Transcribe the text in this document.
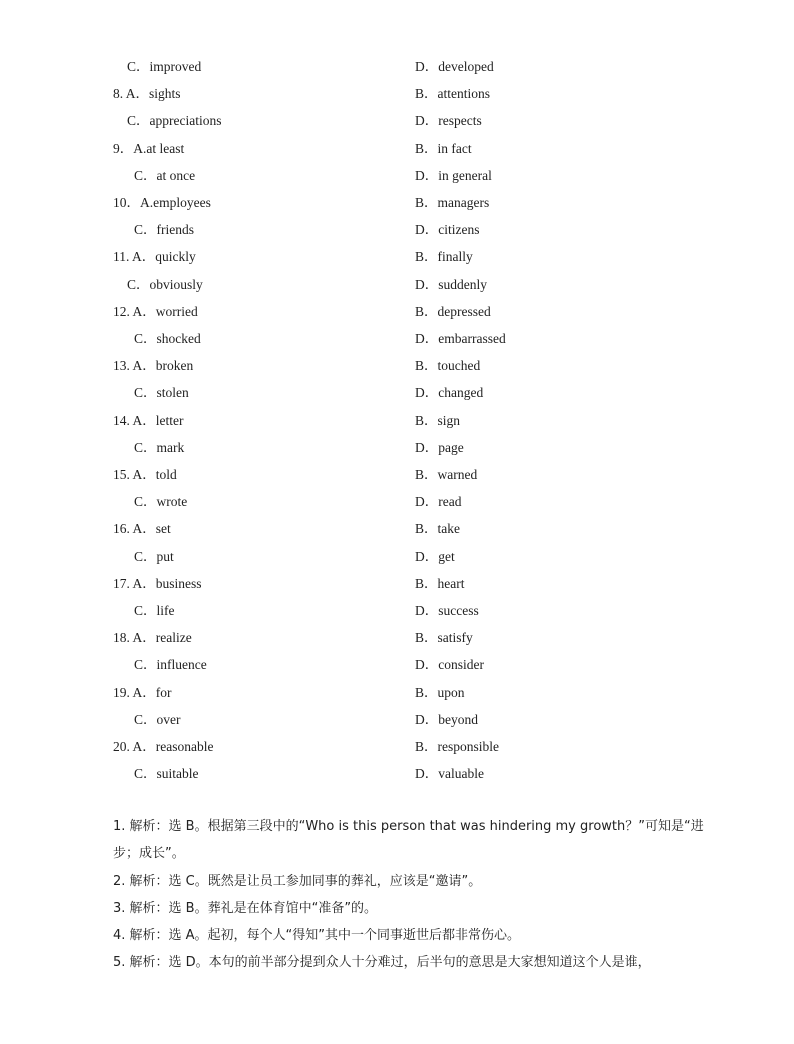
C．improved	D．developed
8. A．sights	B．attentions
C．appreciations	D．respects
9．A.at least	B．in fact
C．at once	D．in general
10．A.employees	B．managers
C．friends	D．citizens
11. A．quickly	B．finally
C．obviously	D．suddenly
12. A．worried	B．depressed
C．shocked	D．embarrassed
13. A．broken	B．touched
C．stolen	D．changed
14. A．letter	B．sign
C．mark	D．page
15. A．told	B．warned
C．wrote	D．read
16. A．set	B．take
C．put	D．get
17. A．business	B．heart
C．life	D．success
18. A．realize	B．satisfy
C．influence	D．consider
19. A．for	B．upon
C．over	D．beyond
20. A．reasonable	B．responsible
C．suitable	D．valuable
1. 解析：选 B。根据第三段中的“Who is this person that was hindering my growth？”可知是“进
步；成长”。
2. 解析：选 C。既然是让员工参加同事的葬礼，应该是“邀请”。
3. 解析：选 B。葬礼是在体育馆中“准备”的。
4. 解析：选 A。起初，每个人“得知”其中一个同事逝世后都非常伤心。
5. 解析：选 D。本句的前半部分提到众人十分难过，后半句的意思是大家想知道这个人是谁，
